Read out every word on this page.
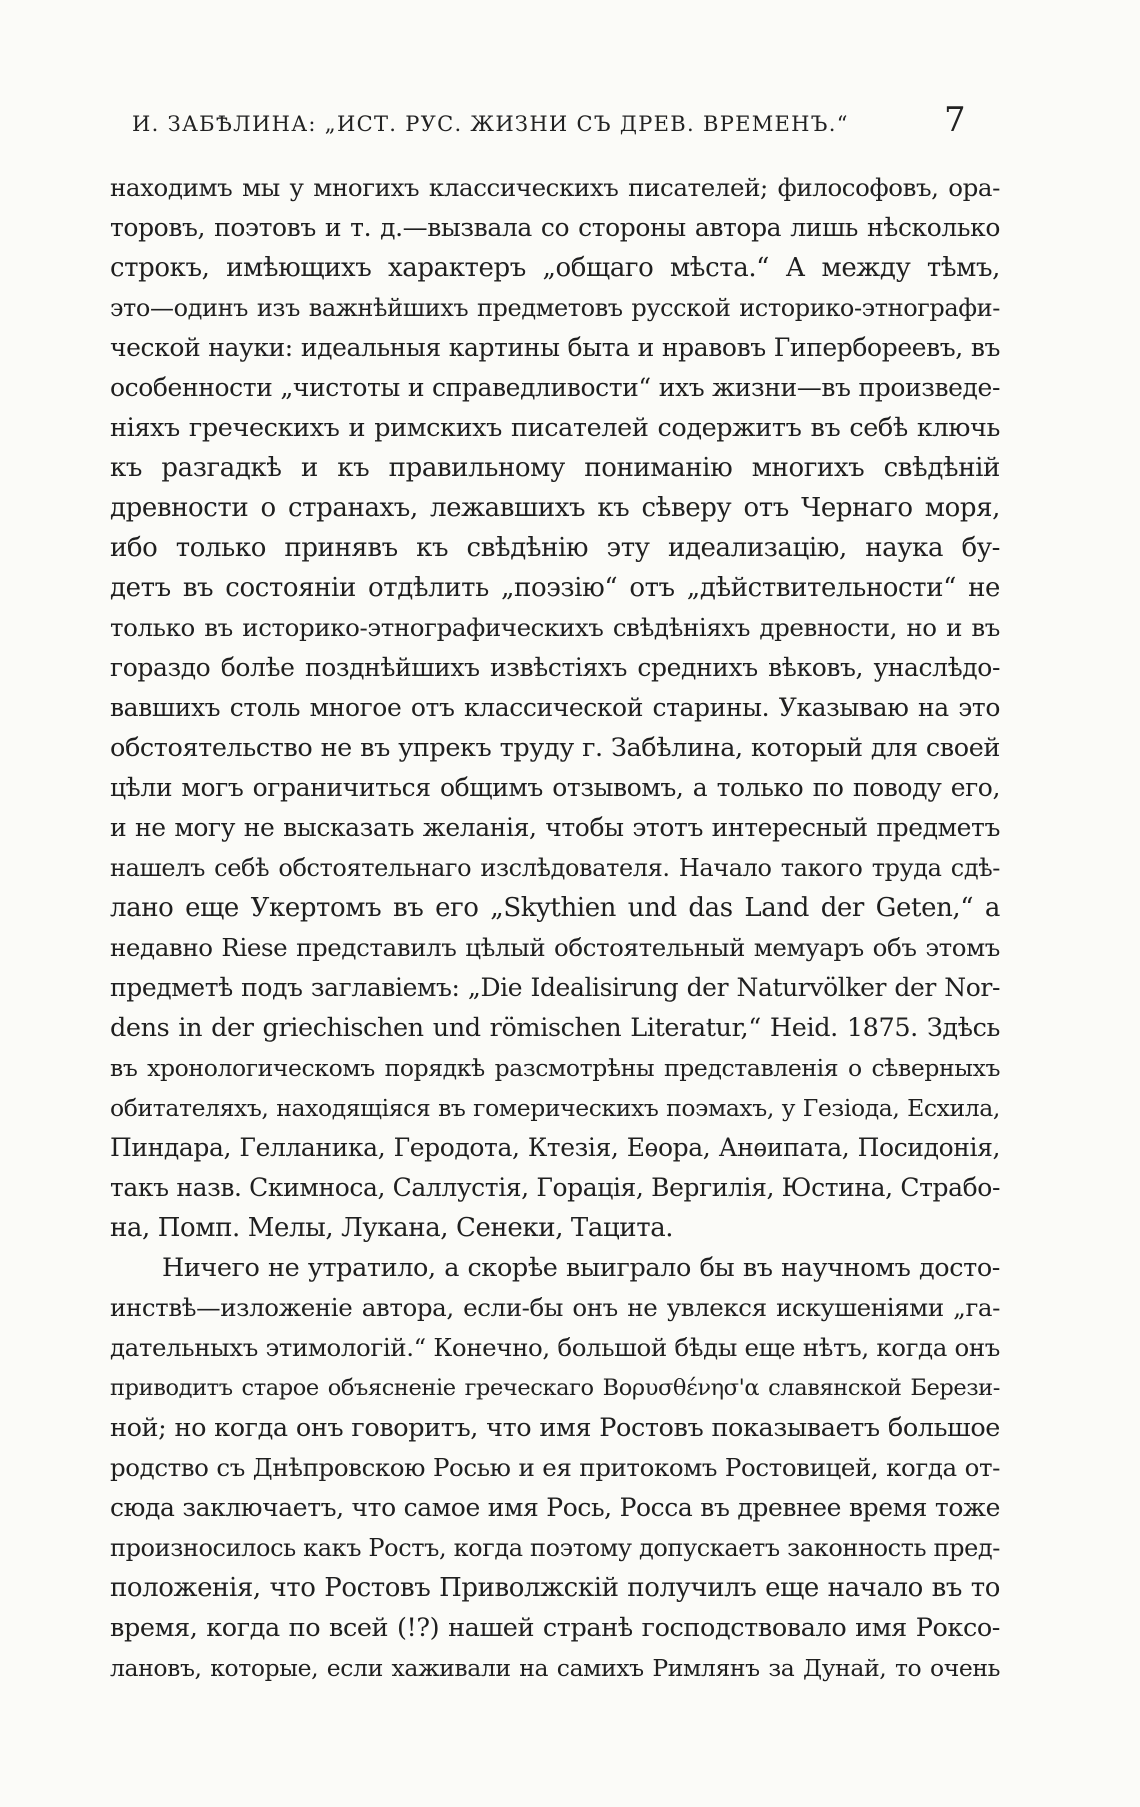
И. ЗАБѢЛИНА: „ИСТ. РУС. ЖИЗНИ СЪ ДРЕВ. ВРЕМЕНЪ.“	7
находимъ мы у многихъ классическихъ писателей; философовъ, ора-
торовъ, поэтовъ и т. д.—вызвала со стороны автора лишь нѣсколько
строкъ, имѣющихъ характеръ „общаго мѣста.“ А между тѣмъ,
это—одинъ изъ важнѣйшихъ предметовъ русской историко-этнографи-
ческой науки: идеальныя картины быта и нравовъ Гипербореевъ, въ
особенности „чистоты и справедливости“ ихъ жизни—въ произведе-
ніяхъ греческихъ и римскихъ писателей содержитъ въ себѣ ключь
къ разгадкѣ и къ правильному пониманію многихъ свѣдѣній
древности о странахъ, лежавшихъ къ сѣверу отъ Чернаго моря,
ибо только принявъ къ свѣдѣнію эту идеализацію, наука бу-
детъ въ состояніи отдѣлить „поэзію“ отъ „дѣйствительности“ не
только въ историко-этнографическихъ свѣдѣніяхъ древности, но и въ
гораздо болѣе позднѣйшихъ извѣстіяхъ среднихъ вѣковъ, унаслѣдо-
вавшихъ столь многое отъ классической старины. Указываю на это
обстоятельство не въ упрекъ труду г. Забѣлина, который для своей
цѣли могъ ограничиться общимъ отзывомъ, а только по поводу его,
и не могу не высказать желанія, чтобы этотъ интересный предметъ
нашелъ себѣ обстоятельнаго изслѣдователя. Начало такого труда сдѣ-
лано еще Укертомъ въ его „Skythien und das Land der Geten,“ а
недавно Riese представилъ цѣлый обстоятельный мемуаръ объ этомъ
предметѣ подъ заглавіемъ: „Die Idealisirung der Naturvölker der Nor-
dens in der griechischen und römischen Literatur,“ Heid. 1875. Здѣсь
въ хронологическомъ порядкѣ разсмотрѣны представленія о сѣверныхъ
обитателяхъ, находящіяся въ гомерическихъ поэмахъ, у Гезіода, Есхила,
Пиндара, Гелланика, Геродота, Ктезія, Еѳора, Анѳипата, Посидонія,
такъ назв. Скимноса, Саллустія, Горація, Вергилія, Юстина, Страбо-
на, Помп. Мелы, Лукана, Сенеки, Тацита.
Ничего не утратило, а скорѣе выиграло бы въ научномъ досто-
инствѣ—изложеніе автора, если-бы онъ не увлекся искушеніями „га-
дательныхъ этимологій.“ Конечно, большой бѣды еще нѣтъ, когда онъ
приводитъ старое объясненіе греческаго Βορυσθένησ'α славянской Берези-
ной; но когда онъ говоритъ, что имя Ростовъ показываетъ большое
родство съ Днѣпровскою Росью и ея притокомъ Ростовицей, когда от-
сюда заключаетъ, что самое имя Рось, Росса въ древнее время тоже
произносилось какъ Ростъ, когда поэтому допускаетъ законность пред-
положенія, что Ростовъ Приволжскій получилъ еще начало въ то
время, когда по всей (!?) нашей странѣ господствовало имя Роксо-
лановъ, которые, если хаживали на самихъ Римлянъ за Дунай, то очень
